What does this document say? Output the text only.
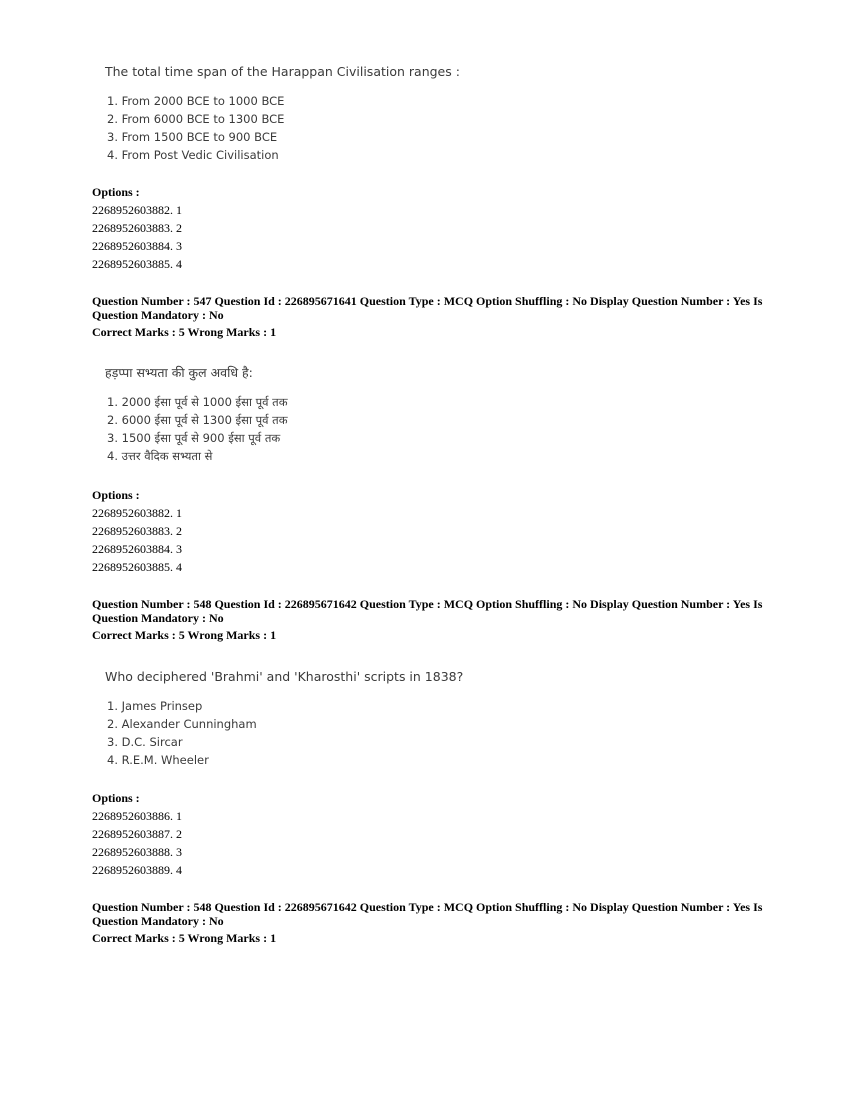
The total time span of the Harappan Civilisation ranges :

1. From 2000 BCE to 1000 BCE
2. From 6000 BCE to 1300 BCE
3. From 1500 BCE to 900 BCE
4. From Post Vedic Civilisation
Options :
2268952603882. 1
2268952603883. 2
2268952603884. 3
2268952603885. 4
Question Number : 547 Question Id : 226895671641 Question Type : MCQ Option Shuffling : No Display Question Number : Yes Is Question Mandatory : No
Correct Marks : 5 Wrong Marks : 1

हड़प्पा सभ्यता की कुल अवधि है:

1. 2000 ईसा पूर्व से 1000 ईसा पूर्व तक
2. 6000 ईसा पूर्व से 1300 ईसा पूर्व तक
3. 1500 ईसा पूर्व से 900 ईसा पूर्व तक
4. उत्तर वैदिक सभ्यता से
Options :
2268952603882. 1
2268952603883. 2
2268952603884. 3
2268952603885. 4
Question Number : 548 Question Id : 226895671642 Question Type : MCQ Option Shuffling : No Display Question Number : Yes Is Question Mandatory : No
Correct Marks : 5 Wrong Marks : 1

Who deciphered 'Brahmi' and 'Kharosthi' scripts in 1838?

1. James Prinsep
2. Alexander Cunningham
3. D.C. Sircar
4. R.E.M. Wheeler
Options :
2268952603886. 1
2268952603887. 2
2268952603888. 3
2268952603889. 4
Question Number : 548 Question Id : 226895671642 Question Type : MCQ Option Shuffling : No Display Question Number : Yes Is Question Mandatory : No
Correct Marks : 5 Wrong Marks : 1
